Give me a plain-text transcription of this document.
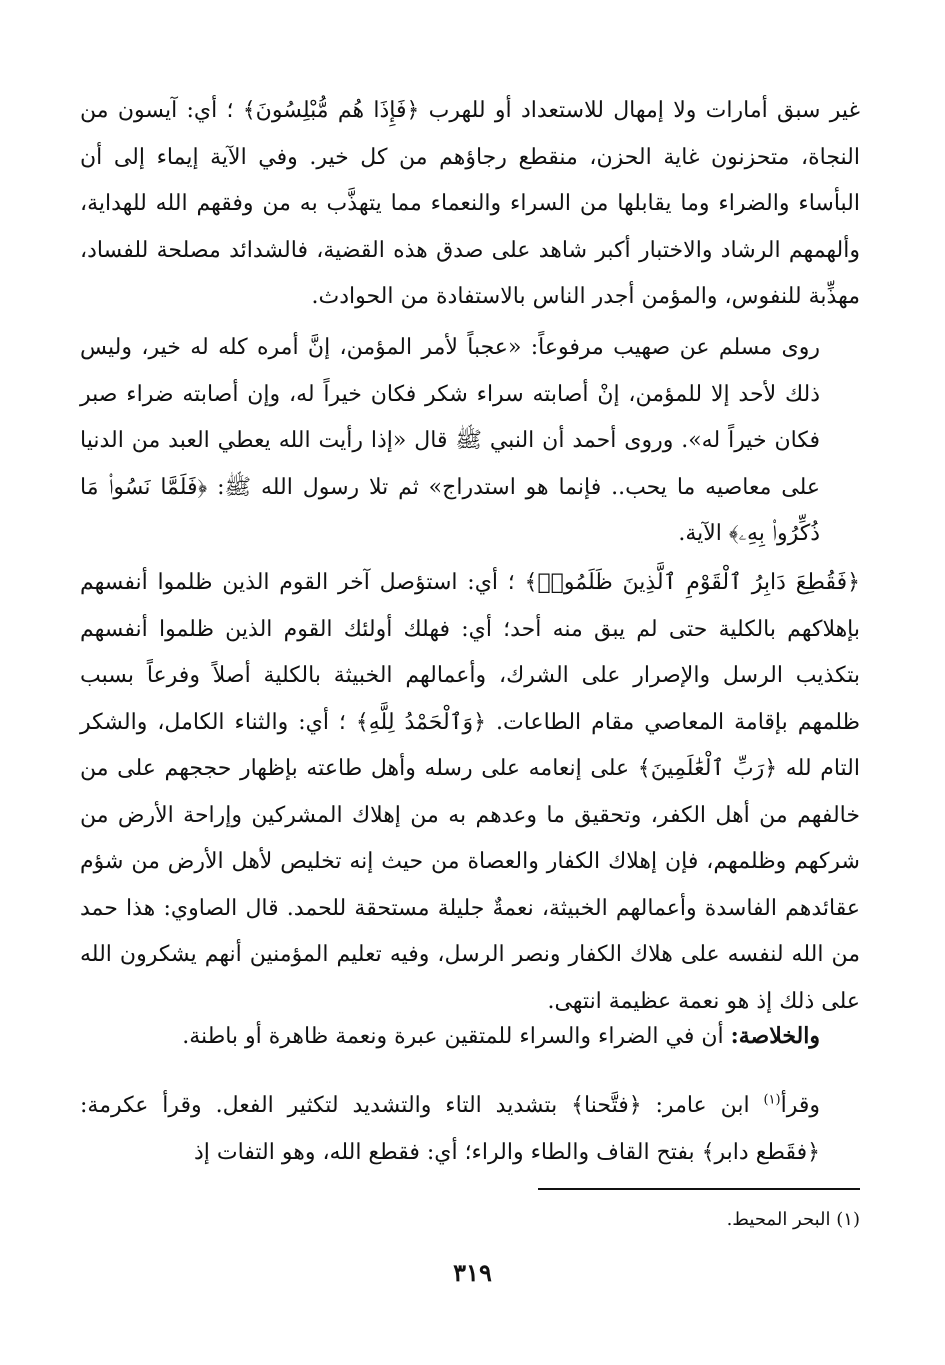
غير سبق أمارات ولا إمهال للاستعداد أو للهرب ﴿فَإِذَا هُم مُّبْلِسُونَ﴾ ؛ أي: آيسون من النجاة، متحزنون غاية الحزن، منقطع رجاؤهم من كل خير. وفي الآية إيماء إلى أن البأساء والضراء وما يقابلها من السراء والنعماء مما يتهذَّب به من وفقهم الله للهداية، وألهمهم الرشاد والاختبار أكبر شاهد على صدق هذه القضية، فالشدائد مصلحة للفساد، مهذِّبة للنفوس، والمؤمن أجدر الناس بالاستفادة من الحوادث.

روى مسلم عن صهيب مرفوعاً: «عجباً لأمر المؤمن، إنَّ أمره كله له خير، وليس ذلك لأحد إلا للمؤمن، إنْ أصابته سراء شكر فكان خيراً له، وإن أصابته ضراء صبر فكان خيراً له». وروى أحمد أن النبي ﷺ قال «إذا رأيت الله يعطي العبد من الدنيا على معاصيه ما يحب.. فإنما هو استدراج» ثم تلا رسول الله ﷺ: ﴿فَلَمَّا نَسُوا۟ مَا ذُكِّرُوا۟ بِهِۦ﴾ الآية.

﴿فَقُطِعَ دَابِرُ ٱلْقَوْمِ ٱلَّذِينَ ظَلَمُوا۟﴾ ؛ أي: استؤصل آخر القوم الذين ظلموا أنفسهم بإهلاكهم بالكلية حتى لم يبق منه أحد؛ أي: فهلك أولئك القوم الذين ظلموا أنفسهم بتكذيب الرسل والإصرار على الشرك، وأعمالهم الخبيثة بالكلية أصلاً وفرعاً بسبب ظلمهم بإقامة المعاصي مقام الطاعات. ﴿وَٱلْحَمْدُ لِلَّهِ﴾ ؛ أي: والثناء الكامل، والشكر التام لله ﴿رَبِّ ٱلْعَٰلَمِينَ﴾ على إنعامه على رسله وأهل طاعته بإظهار حججهم على من خالفهم من أهل الكفر، وتحقيق ما وعدهم به من إهلاك المشركين وإراحة الأرض من شركهم وظلمهم، فإن إهلاك الكفار والعصاة من حيث إنه تخليص لأهل الأرض من شؤم عقائدهم الفاسدة وأعمالهم الخبيثة، نعمةٌ جليلة مستحقة للحمد. قال الصاوي: هذا حمد من الله لنفسه على هلاك الكفار ونصر الرسل، وفيه تعليم المؤمنين أنهم يشكرون الله على ذلك إذ هو نعمة عظيمة انتهى.

والخلاصة: أن في الضراء والسراء للمتقين عبرة ونعمة ظاهرة أو باطنة.

وقرأ$^{(١)}$ ابن عامر: ﴿فتَّحنا﴾ بتشديد التاء والتشديد لتكثير الفعل. وقرأ عكرمة: ﴿فقَطع دابر﴾ بفتح القاف والطاء والراء؛ أي: فقطع الله، وهو التفات إذ

(١) البحر المحيط.
٣١٩
